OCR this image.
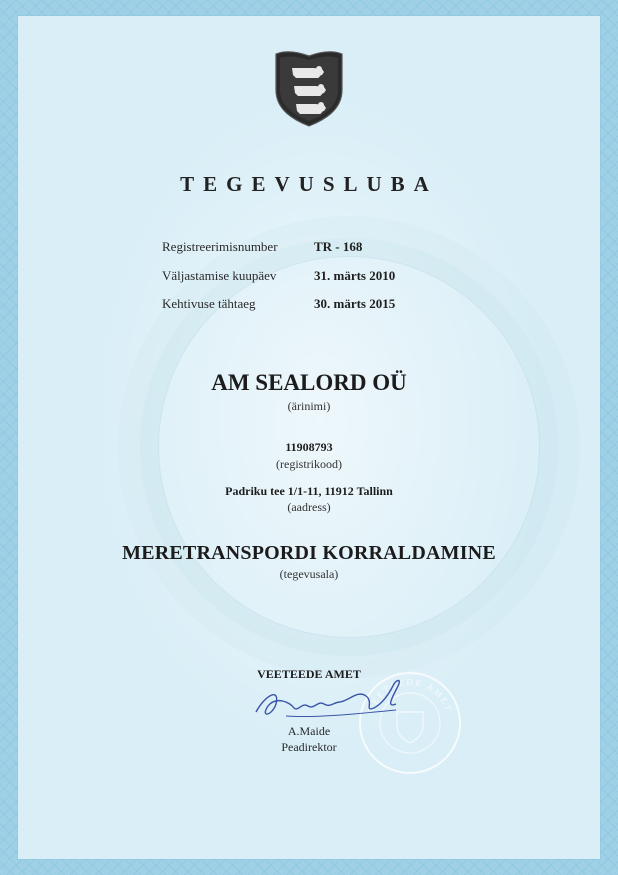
TEGEVUSLUBA
Registreerimisnumber	TR - 168
Väljastamise kuupäev	31. märts 2010
Kehtivuse tähtaeg	30. märts 2015
AM SEALORD OÜ
(ärinimi)
11908793
(registrikood)
Padriku tee 1/1-11, 11912 Tallinn
(aadress)
MERETRANSPORDI KORRALDAMINE
(tegevusala)
VEETEEDE AMET
VEETEEDE AMET
A.Maide
Peadirektor
